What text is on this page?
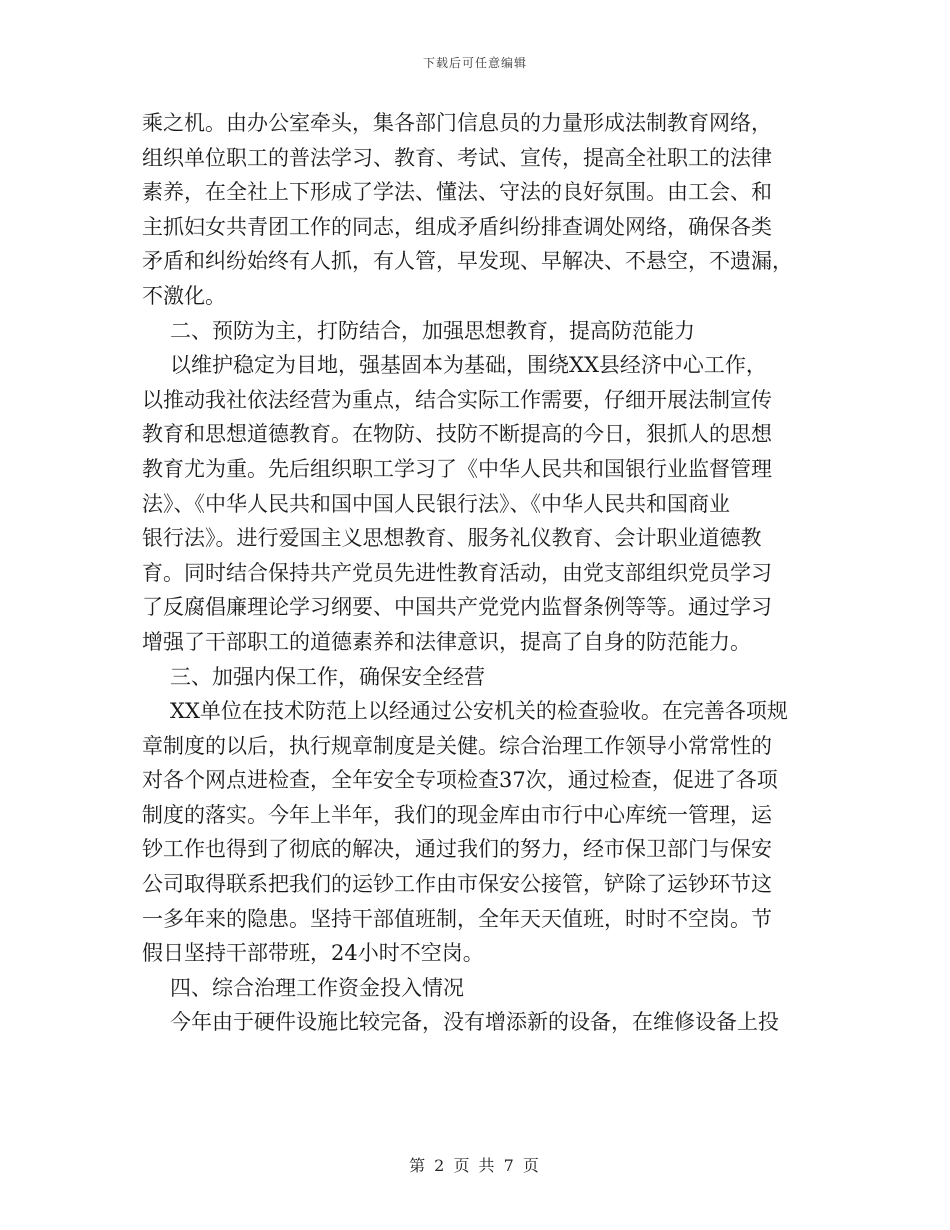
下载后可任意编辑
乘之机。由办公室牵头，集各部门信息员的力量形成法制教育网络，
组织单位职工的普法学习、教育、考试、宣传，提高全社职工的法律
素养，在全社上下形成了学法、懂法、守法的良好氛围。由工会、和
主抓妇女共青团工作的同志，组成矛盾纠纷排查调处网络，确保各类
矛盾和纠纷始终有人抓，有人管，早发现、早解决、不悬空，不遗漏，
不激化。
二、预防为主，打防结合，加强思想教育，提高防范能力
以维护稳定为目地，强基固本为基础，围绕XX县经济中心工作，
以推动我社依法经营为重点，结合实际工作需要，仔细开展法制宣传
教育和思想道德教育。在物防、技防不断提高的今日，狠抓人的思想
教育尤为重。先后组织职工学习了《中华人民共和国银行业监督管理
法》、《中华人民共和国中国人民银行法》、《中华人民共和国商业
银行法》。进行爱国主义思想教育、服务礼仪教育、会计职业道德教
育。同时结合保持共产党员先进性教育活动，由党支部组织党员学习
了反腐倡廉理论学习纲要、中国共产党党内监督条例等等。通过学习
增强了干部职工的道德素养和法律意识，提高了自身的防范能力。
三、加强内保工作，确保安全经营
XX单位在技术防范上以经通过公安机关的检查验收。在完善各项规
章制度的以后，执行规章制度是关健。综合治理工作领导小常常性的
对各个网点进检查，全年安全专项检查37次，通过检查，促进了各项
制度的落实。今年上半年，我们的现金库由市行中心库统一管理，运
钞工作也得到了彻底的解决，通过我们的努力，经市保卫部门与保安
公司取得联系把我们的运钞工作由市保安公接管，铲除了运钞环节这
一多年来的隐患。坚持干部值班制，全年天天值班，时时不空岗。节
假日坚持干部带班，24小时不空岗。
四、综合治理工作资金投入情况
今年由于硬件设施比较完备，没有增添新的设备，在维修设备上投
第 2 页 共 7 页
